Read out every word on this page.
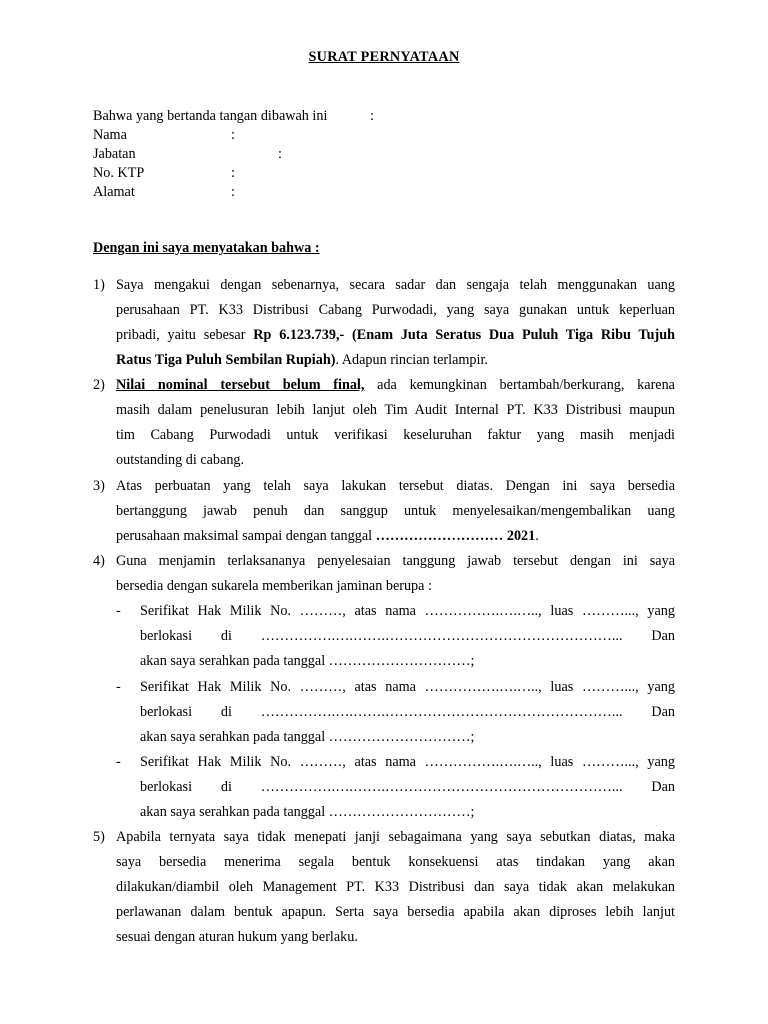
SURAT PERNYATAAN
Bahwa yang bertanda tangan dibawah ini	:
Nama	:
Jabatan	:
No. KTP	:
Alamat	:
Dengan ini saya menyatakan bahwa :
1) Saya mengakui dengan sebenarnya, secara sadar dan sengaja telah menggunakan uang
perusahaan PT. K33 Distribusi Cabang Purwodadi, yang saya gunakan untuk keperluan
pribadi, yaitu sebesar Rp 6.123.739,- (Enam Juta Seratus Dua Puluh Tiga Ribu Tujuh
Ratus Tiga Puluh Sembilan Rupiah). Adapun rincian terlampir.
2) Nilai nominal tersebut belum final, ada kemungkinan bertambah/berkurang, karena
masih dalam penelusuran lebih lanjut oleh Tim Audit Internal PT. K33 Distribusi maupun
tim Cabang Purwodadi untuk verifikasi keseluruhan faktur yang masih menjadi
outstanding di cabang.
3) Atas perbuatan yang telah saya lakukan tersebut diatas. Dengan ini saya bersedia
bertanggung jawab penuh dan sanggup untuk menyelesaikan/mengembalikan uang
perusahaan maksimal sampai dengan tanggal ……………………… 2021.
4) Guna menjamin terlaksananya penyelesaian tanggung jawab tersebut dengan ini saya
bersedia dengan sukarela memberikan jaminan berupa :
- Serifikat Hak Milik No. ………, atas nama …………….….….., luas ………..., yang
berlokasi di …………….….…….…………………………………………... Dan
akan saya serahkan pada tanggal …………………………;
- Serifikat Hak Milik No. ………, atas nama …………….….….., luas ………..., yang
berlokasi di …………….….…….…………………………………………... Dan
akan saya serahkan pada tanggal …………………………;
- Serifikat Hak Milik No. ………, atas nama …………….….….., luas ………..., yang
berlokasi di …………….….…….…………………………………………... Dan
akan saya serahkan pada tanggal …………………………;
5) Apabila ternyata saya tidak menepati janji sebagaimana yang saya sebutkan diatas, maka
saya bersedia menerima segala bentuk konsekuensi atas tindakan yang akan
dilakukan/diambil oleh Management PT. K33 Distribusi dan saya tidak akan melakukan
perlawanan dalam bentuk apapun. Serta saya bersedia apabila akan diproses lebih lanjut
sesuai dengan aturan hukum yang berlaku.
